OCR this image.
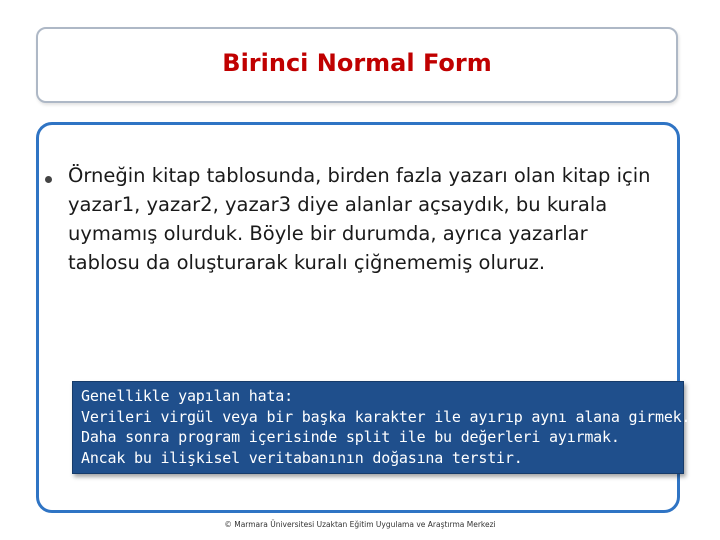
Birinci Normal Form

Örneğin kitap tablosunda, birden fazla yazarı olan kitap için yazar1, yazar2, yazar3 diye alanlar açsaydık, bu kurala uymamış olurduk. Böyle bir durumda, ayrıca yazarlar tablosu da oluşturarak kuralı çiğnememiş oluruz.

Genellikle yapılan hata:
Verileri virgül veya bir başka karakter ile ayırıp aynı alana girmek.
Daha sonra program içerisinde split ile bu değerleri ayırmak.
Ancak bu ilişkisel veritabanının doğasına terstir.
© Marmara Üniversitesi Uzaktan Eğitim Uygulama ve Araştırma Merkezi
